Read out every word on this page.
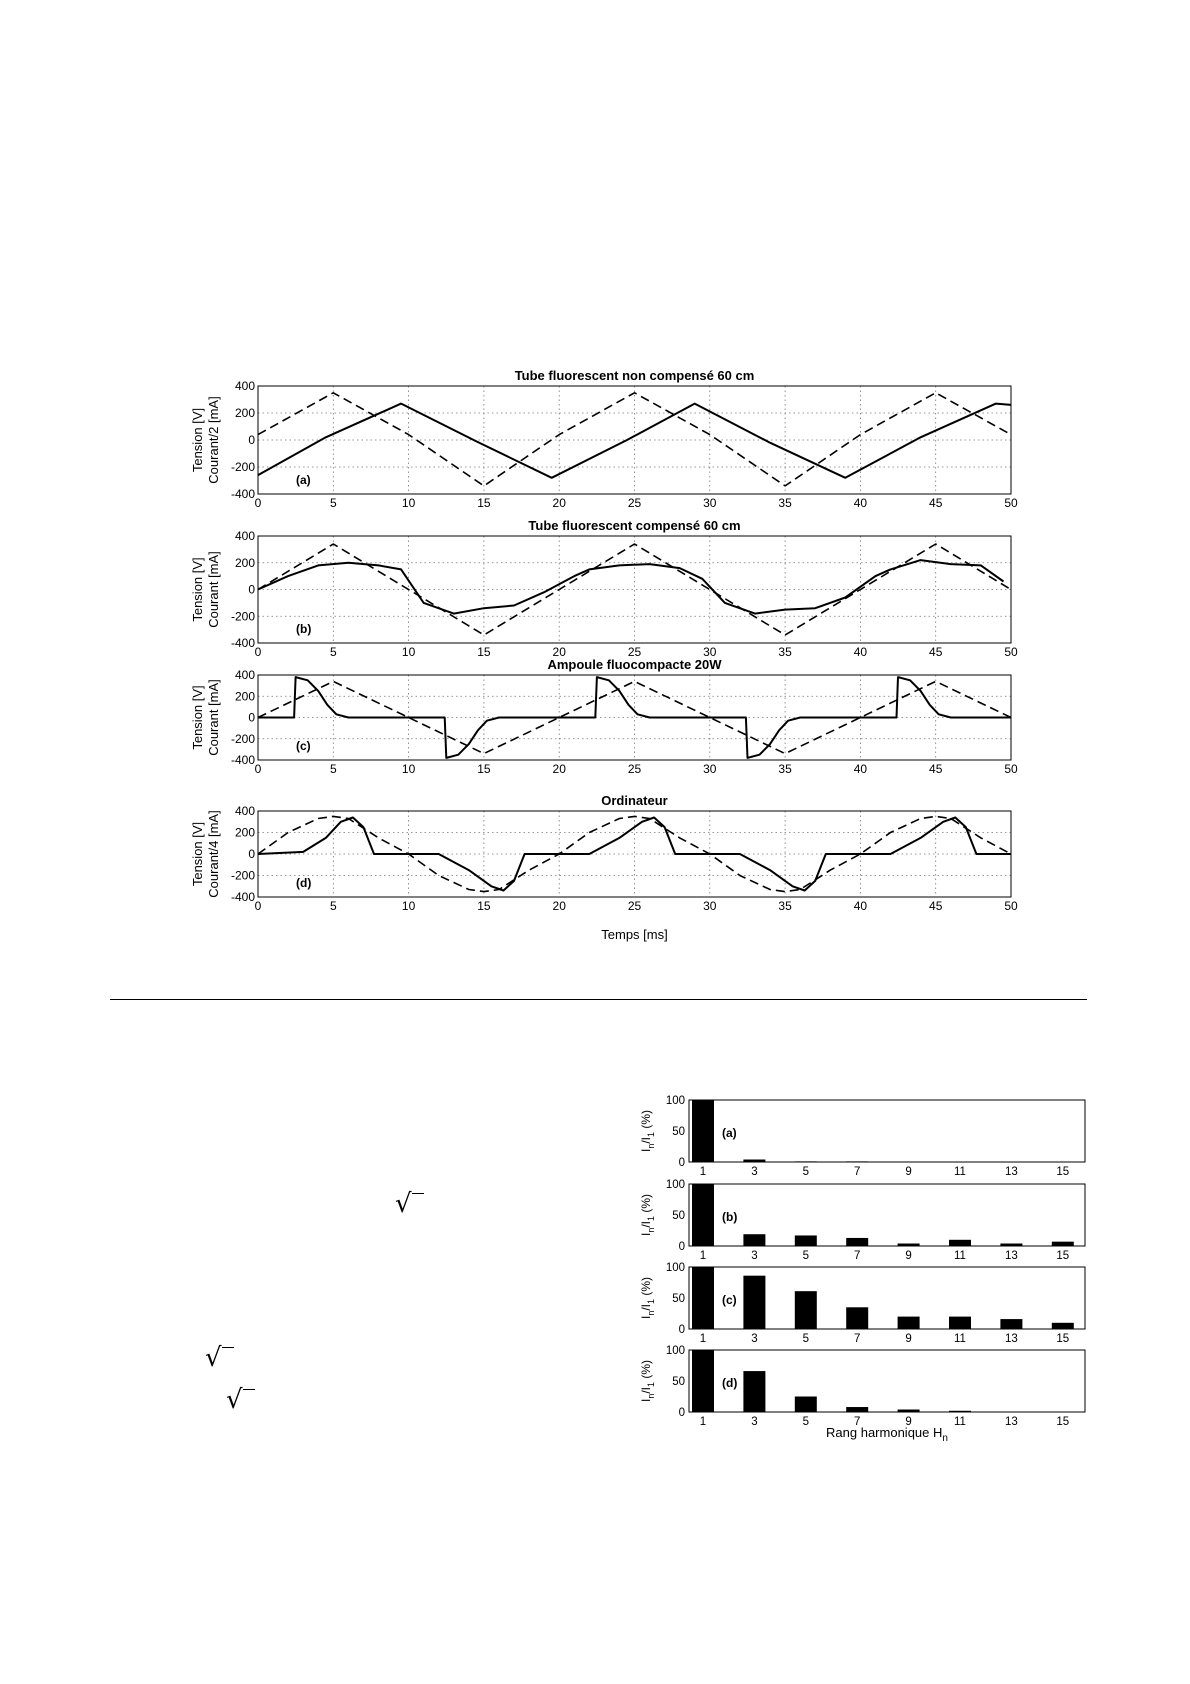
0	5	10	15	20	25	30	35	40	45	50
400
200
0
-200
-400
Tube fluorescent non compensé 60 cm
(a)
Tension [V] Courant/2 [mA]
0	5	10	15	20	25	30	35	40	45	50
400
200
0
-200
-400
Tube fluorescent compensé 60 cm
(b)
Tension [V] Courant [mA]
0	5	10	15	20	25	30	35	40	45	50
400
200
0
-200
-400
Ampoule fluocompacte 20W
(c)
Tension [V] Courant [mA]
0	5	10	15	20	25	30	35	40	45	50
400
200
0
-200
-400
Ordinateur
(d)
Tension [V] Courant/4 [mA]
Temps [ms]
√
√
√
1	3	5	7	9	11	13	15
100
50
0
(a)
$I_n/I_1$ (%)
1	3	5	7	9	11	13	15
100
50
0
(b)
$I_n/I_1$ (%)
1	3	5	7	9	11	13	15
100
50
0
(c)
$I_n/I_1$ (%)
1	3	5	7	9	11	13	15
100
50
0
(d)
$I_n/I_1$ (%)
Rang harmonique $H_n$
